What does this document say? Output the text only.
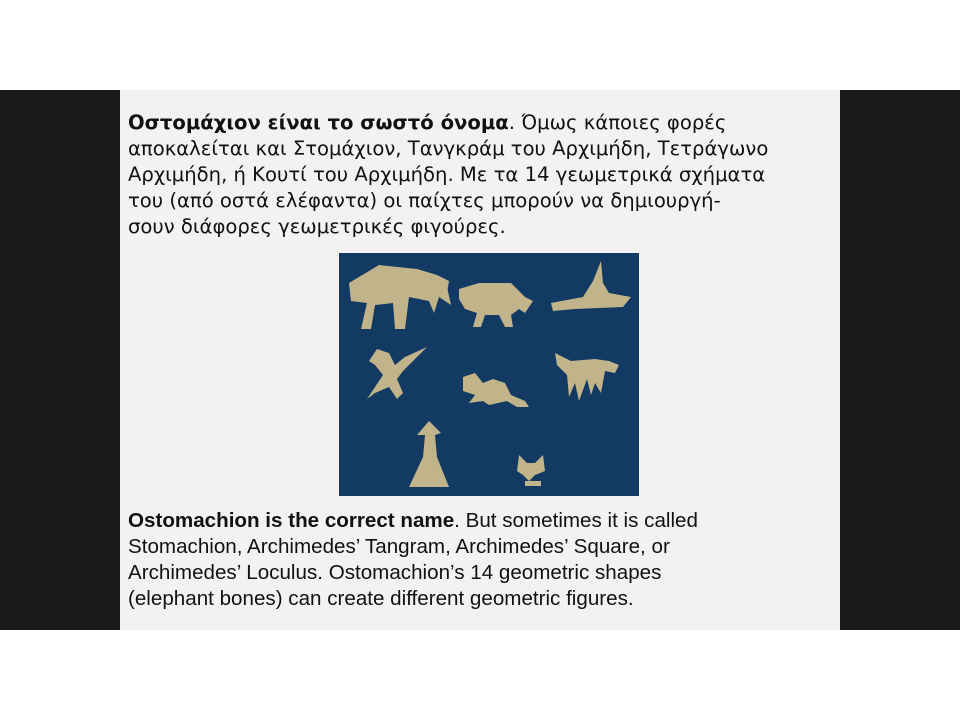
Οστομάχιον είναι το σωστό όνομα. Όμως κάποιες φορές
αποκαλείται και Στομάχιον, Τανγκράμ του Αρχιμήδη, Τετράγωνο
Αρχιμήδη, ή Κουτί του Αρχιμήδη. Με τα 14 γεωμετρικά σχήματα
του (από οστά ελέφαντα) οι παίχτες μπορούν να δημιουργή-
σουν διάφορες γεωμετρικές φιγούρες.

Ostomachion is the correct name. But sometimes it is called
Stomachion, Archimedes’ Tangram, Archimedes’ Square, or
Archimedes’ Loculus. Ostomachion’s 14 geometric shapes
(elephant bones) can create different geometric figures.
